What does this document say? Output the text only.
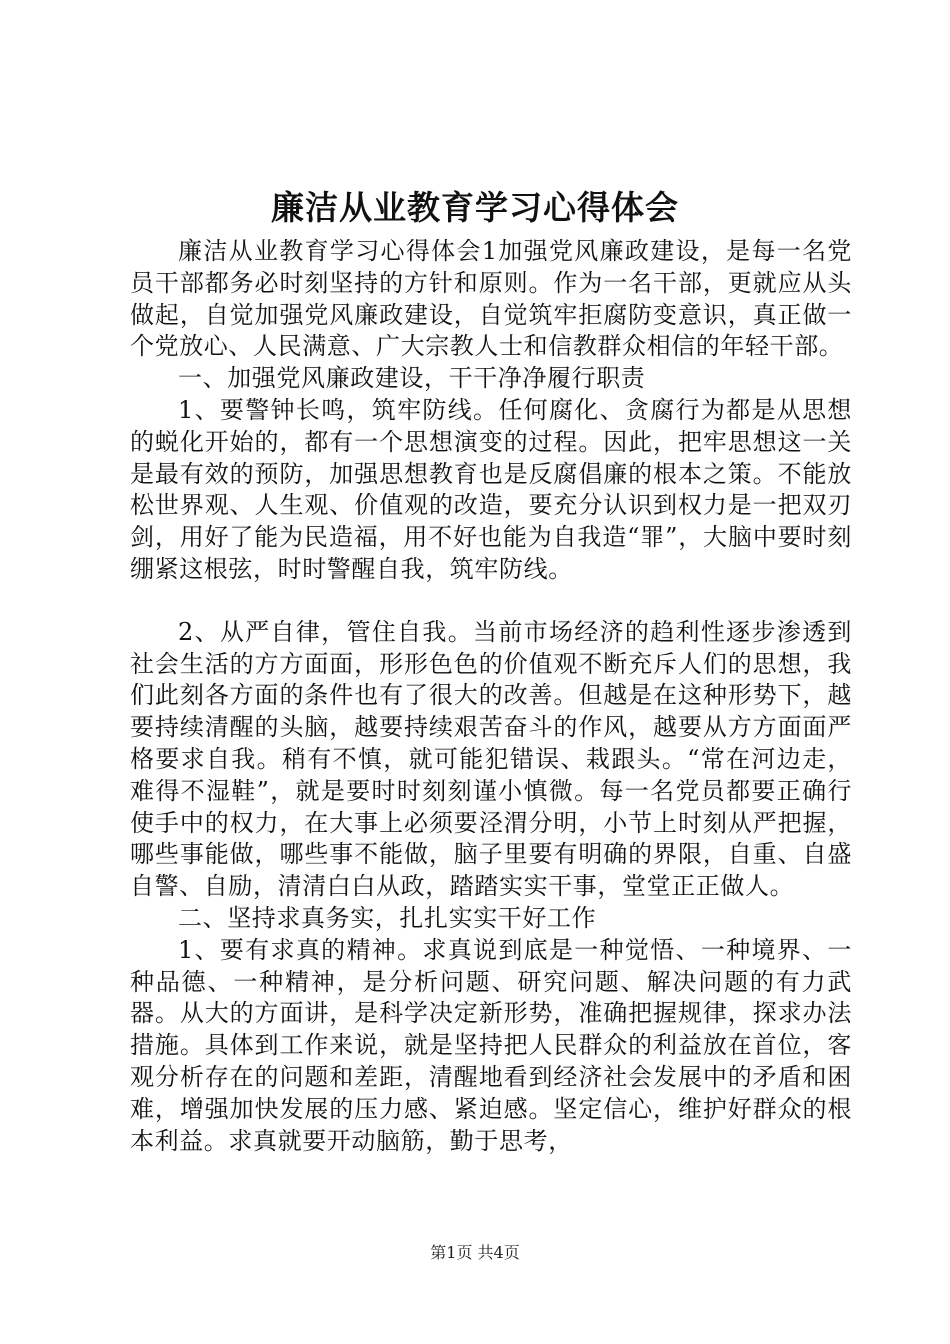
廉洁从业教育学习心得体会

廉洁从业教育学习心得体会1加强党风廉政建设，是每一名党员干部都务必时刻坚持的方针和原则。作为一名干部，更就应从头做起，自觉加强党风廉政建设，自觉筑牢拒腐防变意识，真正做一个党放心、人民满意、广大宗教人士和信教群众相信的年轻干部。

一、加强党风廉政建设，干干净净履行职责

1、要警钟长鸣，筑牢防线。任何腐化、贪腐行为都是从思想的蜕化开始的，都有一个思想演变的过程。因此，把牢思想这一关是最有效的预防，加强思想教育也是反腐倡廉的根本之策。不能放松世界观、人生观、价值观的改造，要充分认识到权力是一把双刃剑，用好了能为民造福，用不好也能为自我造“罪”，大脑中要时刻绷紧这根弦，时时警醒自我，筑牢防线。

2、从严自律，管住自我。当前市场经济的趋利性逐步渗透到社会生活的方方面面，形形色色的价值观不断充斥人们的思想，我们此刻各方面的条件也有了很大的改善。但越是在这种形势下，越要持续清醒的头脑，越要持续艰苦奋斗的作风，越要从方方面面严格要求自我。稍有不慎，就可能犯错误、栽跟头。“常在河边走，难得不湿鞋”，就是要时时刻刻谨小慎微。每一名党员都要正确行使手中的权力，在大事上必须要泾渭分明，小节上时刻从严把握，哪些事能做，哪些事不能做，脑子里要有明确的界限，自重、自盛自警、自励，清清白白从政，踏踏实实干事，堂堂正正做人。

二、坚持求真务实，扎扎实实干好工作

1、要有求真的精神。求真说到底是一种觉悟、一种境界、一种品德、一种精神，是分析问题、研究问题、解决问题的有力武器。从大的方面讲，是科学决定新形势，准确把握规律，探求办法措施。具体到工作来说，就是坚持把人民群众的利益放在首位，客观分析存在的问题和差距，清醒地看到经济社会发展中的矛盾和困难，增强加快发展的压力感、紧迫感。坚定信心，维护好群众的根本利益。求真就要开动脑筋，勤于思考，

第1页 共4页
